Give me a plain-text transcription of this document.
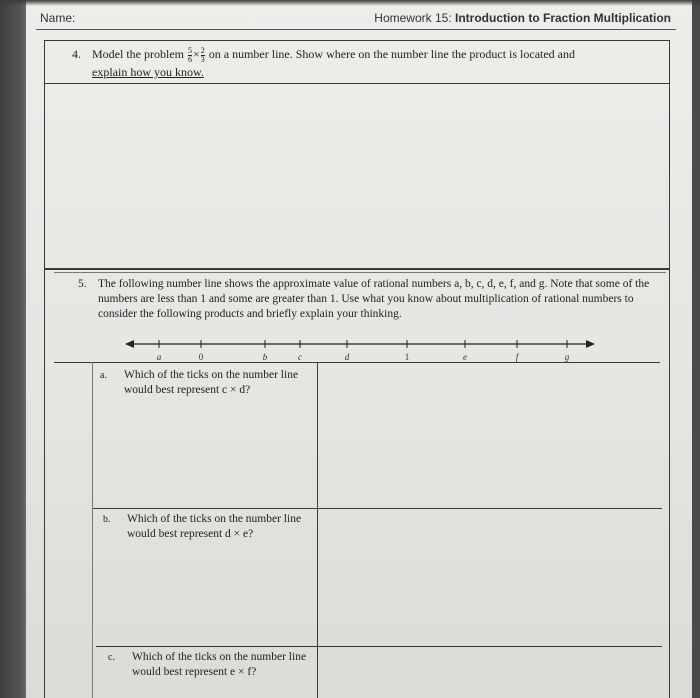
Name:	Homework 15: Introduction to Fraction Multiplication
4. Model the problem $\frac{5}{6} \times \frac{2}{3}$ on a number line. Show where on the number line the product is located and
explain how you know.
5. The following number line shows the approximate value of rational numbers a, b, c, d, e, f, and g. Note that some of the numbers are less than 1 and some are greater than 1. Use what you know about multiplication of rational numbers to consider the following products and briefly explain your thinking.
a	0	b	c	d	1	e	f	g
a. Which of the ticks on the number line would best represent c × d?
b. Which of the ticks on the number line would best represent d × e?
c. Which of the ticks on the number line would best represent e × f?
